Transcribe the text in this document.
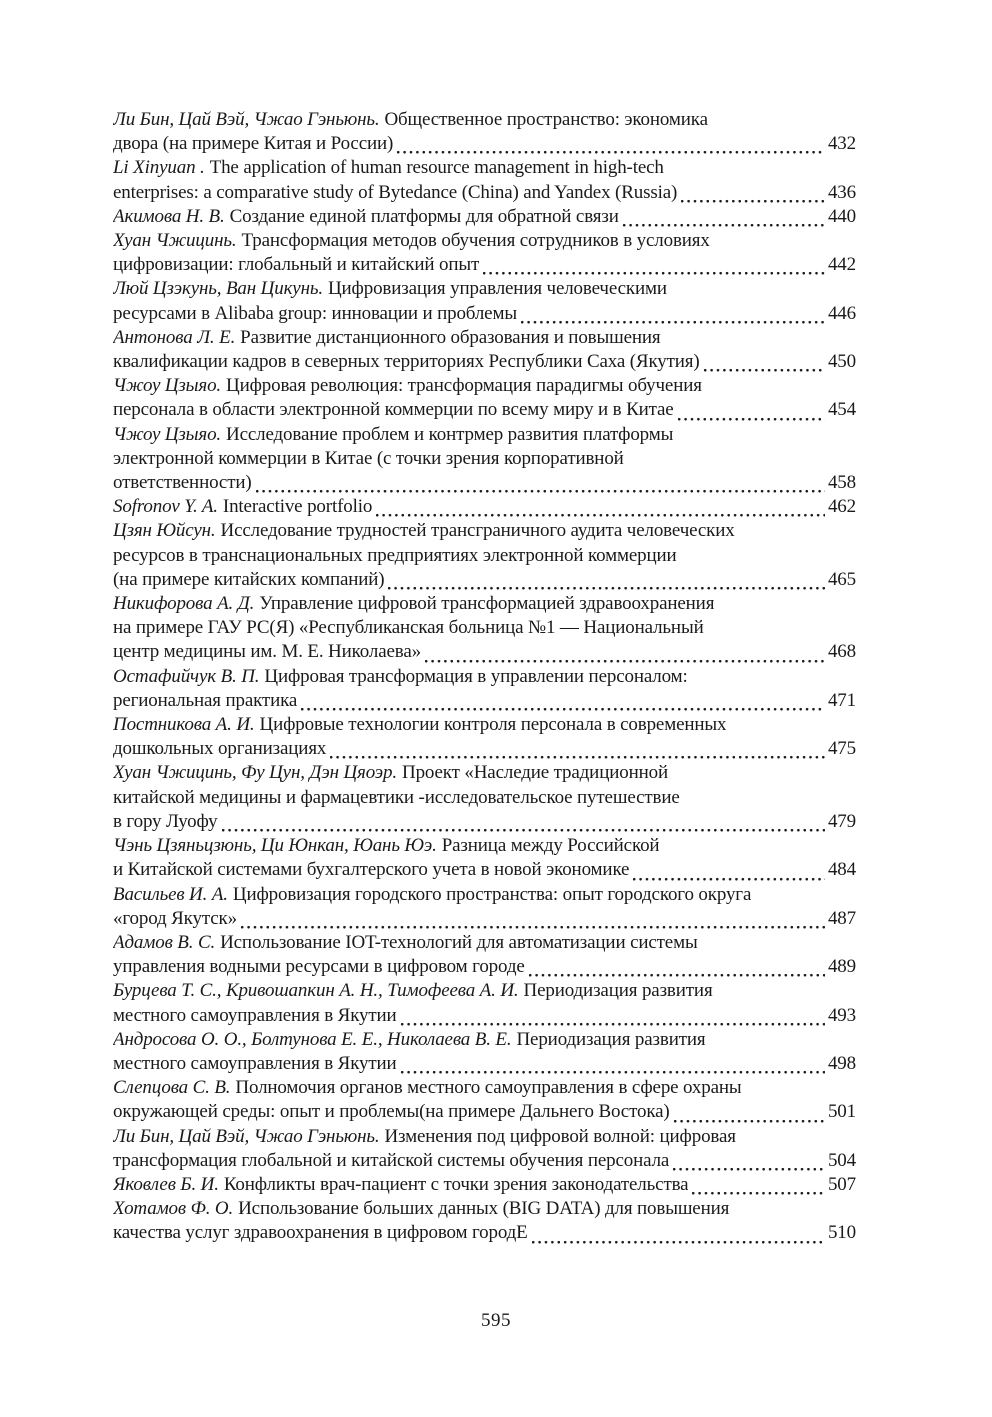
Ли Бин, Цай Вэй, Чжао Гэньюнь. Общественное пространство: экономика
двора (на примере Китая и России)	432

Li Xinyuan . The application of human resource management in high-tech
enterprises: a comparative study of Bytedance (China) and Yandex (Russia)	436

Акимова Н. В. Создание единой платформы для обратной связи	440

Хуан Чжицинь. Трансформация методов обучения сотрудников в условиях
цифровизации: глобальный и китайский опыт	442

Люй Цзэкунь, Ван Цикунь. Цифровизация управления человеческими
ресурсами в Alibaba group: инновации и проблемы	446

Антонова Л. Е. Развитие дистанционного образования и повышения
квалификации кадров в северных территориях Республики Саха (Якутия)	450

Чжоу Цзыяо. Цифровая революция: трансформация парадигмы обучения
персонала в области электронной коммерции по всему миру и в Китае	454

Чжоу Цзыяо. Исследование проблем и контрмер развития платформы
электронной коммерции в Китае (с точки зрения корпоративной
ответственности)	458

Sofronov Y. A. Interactive portfolio	462

Цзян Юйсун. Исследование трудностей трансграничного аудита человеческих
ресурсов в транснациональных предприятиях электронной коммерции
(на примере китайских компаний)	465

Никифорова А. Д. Управление цифровой трансформацией здравоохранения
на примере ГАУ РС(Я) «Республиканская больница №1 — Национальный
центр медицины им. М. Е. Николаева»	468

Остафийчук В. П. Цифровая трансформация в управлении персоналом:
региональная практика	471

Постникова А. И. Цифровые технологии контроля персонала в современных
дошкольных организациях	475

Хуан Чжицинь, Фу Цун, Дэн Цяоэр. Проект «Наследие традиционной
китайской медицины и фармацевтики -исследовательское путешествие
в гору Луофу	479

Чэнь Цзяньцзюнь, Ци Юнкан, Юань Юэ. Разница между Российской
и Китайской системами бухгалтерского учета в новой экономике	484

Васильев И. А. Цифровизация городского пространства: опыт городского округа
«город Якутск»	487

Адамов В. С. Использование IOT-технологий для автоматизации системы
управления водными ресурсами в цифровом городе	489

Бурцева Т. С., Кривошапкин А. Н., Тимофеева А. И. Периодизация развития
местного самоуправления в Якутии	493

Андросова О. О., Болтунова Е. Е., Николаева В. Е. Периодизация развития
местного самоуправления в Якутии	498

Слепцова С. В. Полномочия органов местного самоуправления в сфере охраны
окружающей среды: опыт и проблемы(на примере Дальнего Востока)	501

Ли Бин, Цай Вэй, Чжао Гэньюнь. Изменения под цифровой волной: цифровая
трансформация глобальной и китайской системы обучения персонала	504

Яковлев Б. И. Конфликты врач-пациент с точки зрения законодательства	507

Хотамов Ф. О. Использование больших данных (BIG DATA) для повышения
качества услуг здравоохранения в цифровом городЕ	510

595
